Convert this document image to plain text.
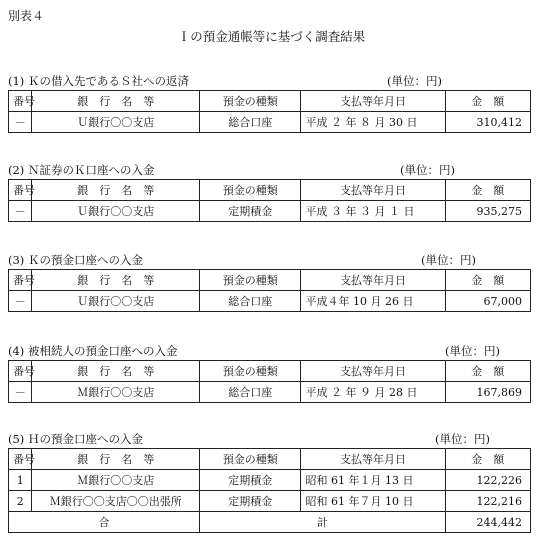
別表４
Ｉの預金通帳等に基づく調査結果
(1) Ｋの借入先であるＳ社への返済	(単位：円)
番号	銀　行　名　等	預金の種類	支払等年月日	金　額
－	Ｕ銀行〇〇支店	総合口座	平成 ２ 年 ８ 月 30 日	310,412
(2) Ｎ証券のＫ口座への入金	(単位：円)
番号	銀　行　名　等	預金の種類	支払等年月日	金　額
－	Ｕ銀行〇〇支店	定期積金	平成 ３ 年 ３ 月 １ 日	935,275
(3) Ｋの預金口座への入金	(単位：円)
番号	銀　行　名　等	預金の種類	支払等年月日	金　額
－	Ｕ銀行〇〇支店	総合口座	平成４年 10 月 26 日	67,000
(4) 被相続人の預金口座への入金	(単位：円)
番号	銀　行　名　等	預金の種類	支払等年月日	金　額
－	Ｍ銀行〇〇支店	総合口座	平成 ２ 年 ９ 月 28 日	167,869
(5) Ｈの預金口座への入金	(単位：円)
番号	銀　行　名　等	預金の種類	支払等年月日	金　額
1	Ｍ銀行〇〇支店	定期積金	昭和 61 年１月 13 日	122,226
2	Ｍ銀行〇〇支店〇〇出張所	定期積金	昭和 61 年７月 10 日	122,216
合		計		244,442
